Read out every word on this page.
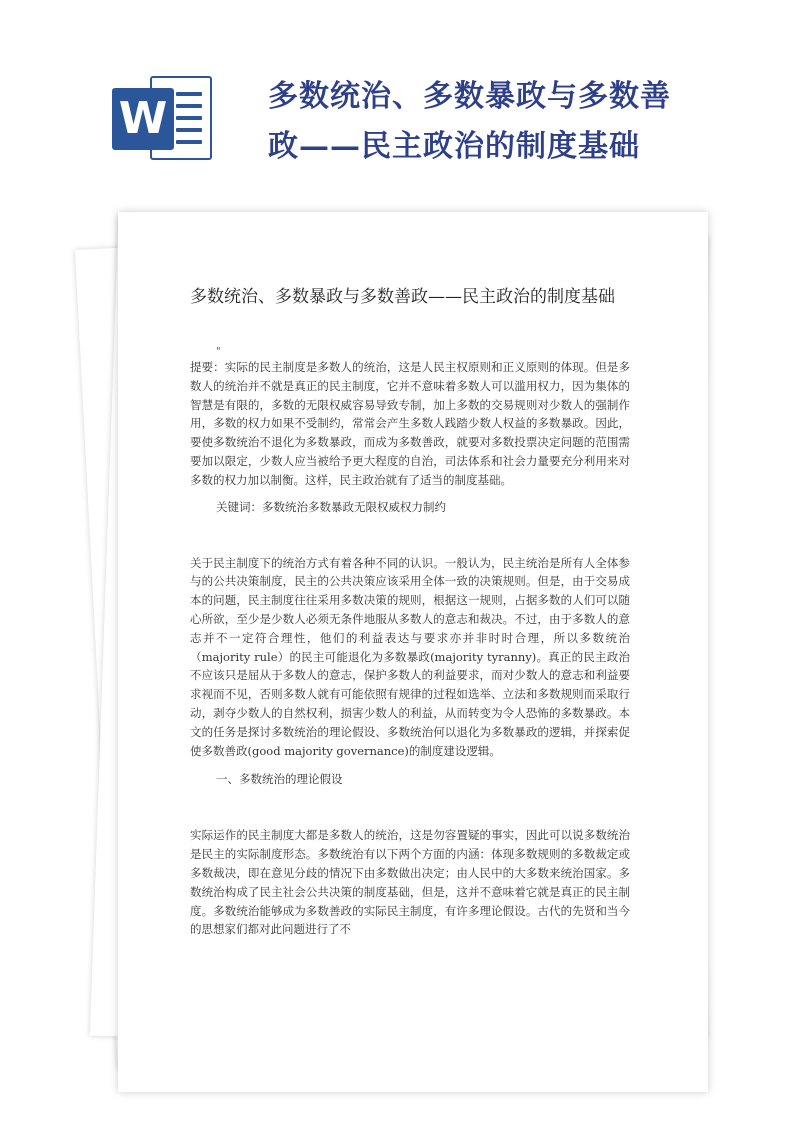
W	多数统治、多数暴政与多数善政——民主政治的制度基础
多数统治、多数暴政与多数善政——民主政治的制度基础
"

提要：实际的民主制度是多数人的统治，这是人民主权原则和正义原则的体现。但是多数人的统治并不就是真正的民主制度，它并不意味着多数人可以滥用权力，因为集体的智慧是有限的，多数的无限权威容易导致专制，加上多数的交易规则对少数人的强制作用，多数的权力如果不受制约，常常会产生多数人践踏少数人权益的多数暴政。因此，要使多数统治不退化为多数暴政，而成为多数善政，就要对多数投票决定问题的范围需要加以限定，少数人应当被给予更大程度的自治，司法体系和社会力量要充分利用来对多数的权力加以制衡。这样，民主政治就有了适当的制度基础。

关键词：多数统治多数暴政无限权威权力制约

关于民主制度下的统治方式有着各种不同的认识。一般认为，民主统治是所有人全体参与的公共决策制度，民主的公共决策应该采用全体一致的决策规则。但是，由于交易成本的问题，民主制度往往采用多数决策的规则，根据这一规则，占据多数的人们可以随心所欲，至少是少数人必须无条件地服从多数人的意志和裁决。不过，由于多数人的意志并不一定符合理性，他们的利益表达与要求亦并非时时合理，所以多数统治（majority rule）的民主可能退化为多数暴政(majority tyranny)。真正的民主政治不应该只是屈从于多数人的意志，保护多数人的利益要求，而对少数人的意志和利益要求视而不见，否则多数人就有可能依照有规律的过程如选举、立法和多数规则而采取行动，剥夺少数人的自然权利，损害少数人的利益，从而转变为令人恐怖的多数暴政。本文的任务是探讨多数统治的理论假设、多数统治何以退化为多数暴政的逻辑，并探索促使多数善政(good majority governance)的制度建设逻辑。

一、多数统治的理论假设

实际运作的民主制度大都是多数人的统治，这是勿容置疑的事实，因此可以说多数统治是民主的实际制度形态。多数统治有以下两个方面的内涵：体现多数规则的多数裁定或多数裁决，即在意见分歧的情况下由多数做出决定；由人民中的大多数来统治国家。多数统治构成了民主社会公共决策的制度基础，但是，这并不意味着它就是真正的民主制度。多数统治能够成为多数善政的实际民主制度，有许多理论假设。古代的先贤和当今的思想家们都对此问题进行了不
